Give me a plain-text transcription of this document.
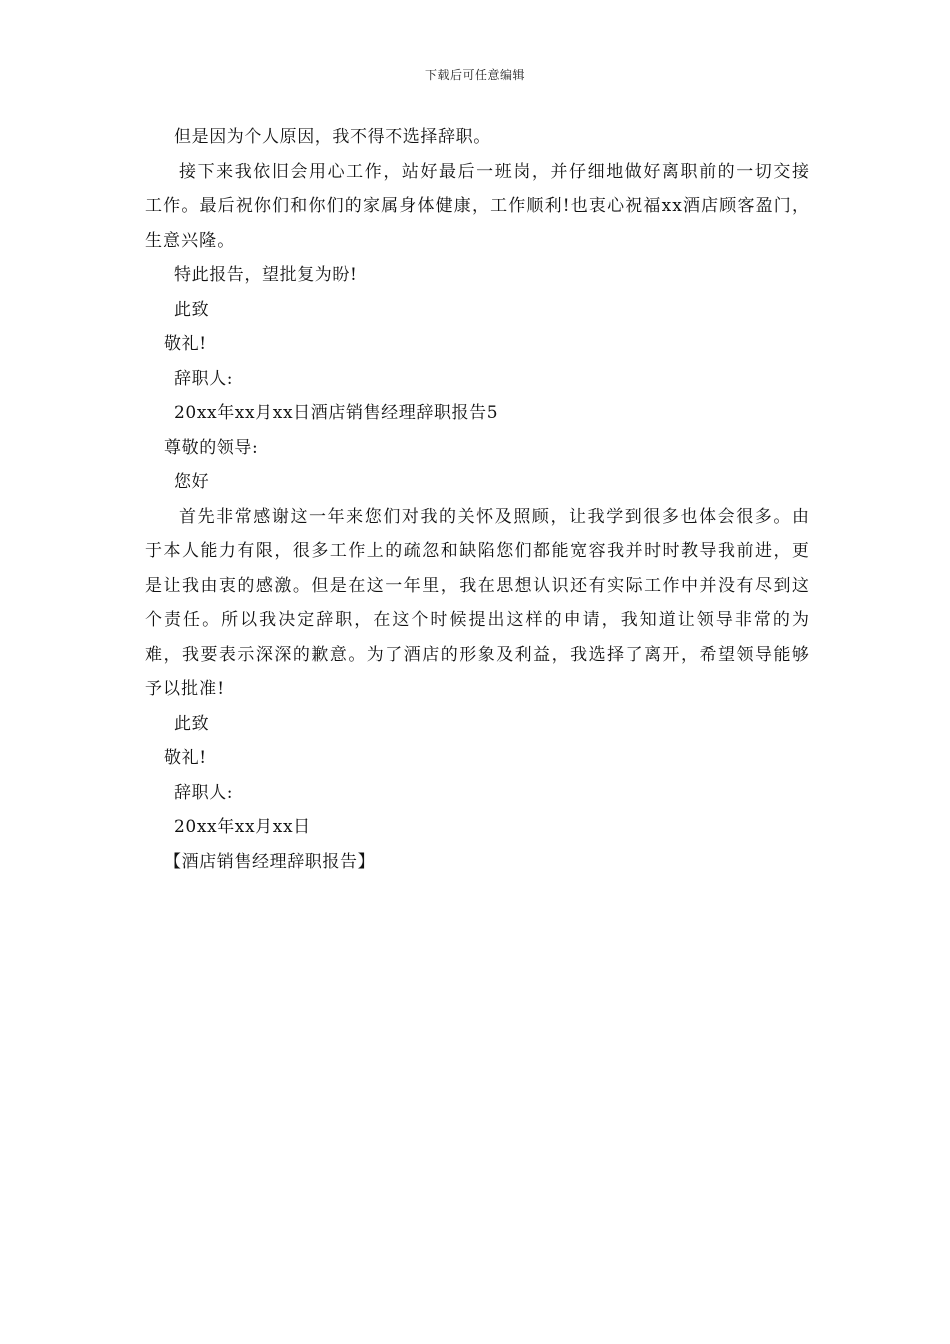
下载后可任意编辑
但是因为个人原因，我不得不选择辞职。
接下来我依旧会用心工作，站好最后一班岗，并仔细地做好离职前的一切交接工作。最后祝你们和你们的家属身体健康，工作顺利!也衷心祝福xx酒店顾客盈门，生意兴隆。
特此报告，望批复为盼!
此致
敬礼!
辞职人:
20xx年xx月xx日酒店销售经理辞职报告5
尊敬的领导:
您好
首先非常感谢这一年来您们对我的关怀及照顾，让我学到很多也体会很多。由于本人能力有限，很多工作上的疏忽和缺陷您们都能宽容我并时时教导我前进，更是让我由衷的感激。但是在这一年里，我在思想认识还有实际工作中并没有尽到这个责任。所以我决定辞职，在这个时候提出这样的申请，我知道让领导非常的为难，我要表示深深的歉意。为了酒店的形象及利益，我选择了离开，希望领导能够予以批准!
此致
敬礼!
辞职人:
20xx年xx月xx日
【酒店销售经理辞职报告】
